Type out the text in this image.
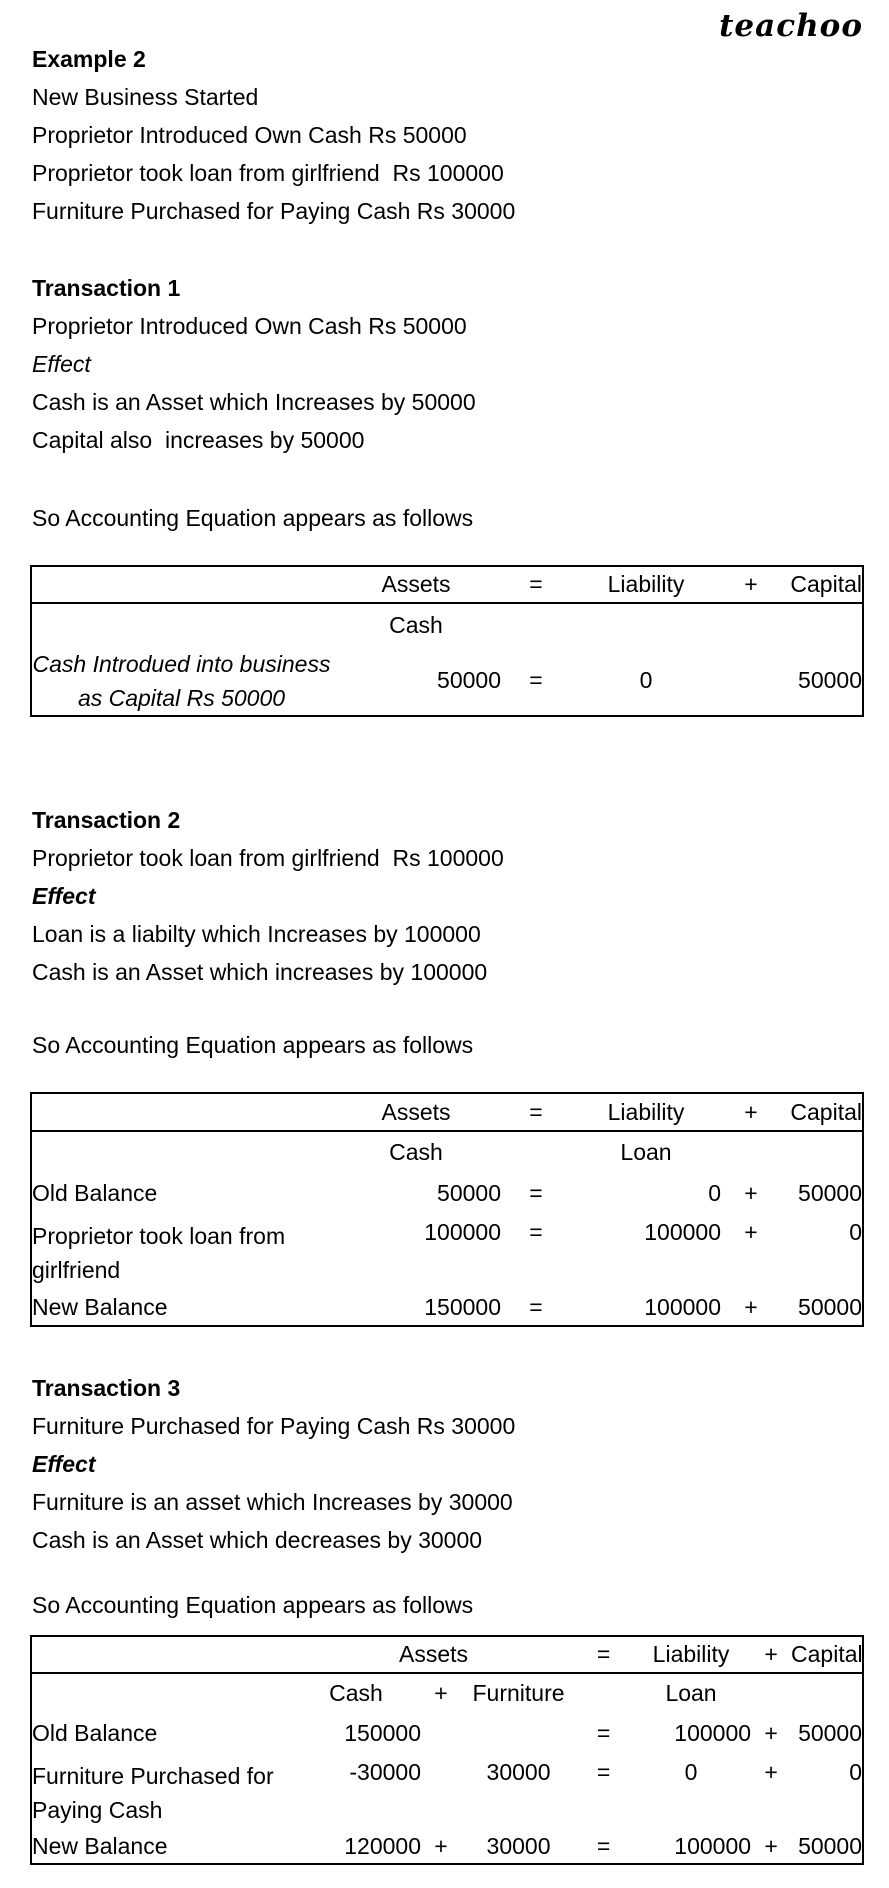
teachoo

Example 2

New Business Started

Proprietor Introduced Own Cash Rs 50000

Proprietor took loan from girlfriend  Rs 100000

Furniture Purchased for Paying Cash Rs 30000

Transaction 1

Proprietor Introduced Own Cash Rs 50000

Effect

Cash is an Asset which Increases by 50000

Capital also  increases by 50000

So Accounting Equation appears as follows

	Assets	=	Liability	+	Capital
	Cash				

Cash Introdued into business
as Capital Rs 50000	50000	=	0		50000

Transaction 2

Proprietor took loan from girlfriend  Rs 100000

Effect

Loan is a liabilty which Increases by 100000

Cash is an Asset which increases by 100000

So Accounting Equation appears as follows

	Assets	=	Liability	+	Capital
	Cash		Loan		
Old Balance	50000	=	0	+	50000
Proprietor took loan from girlfriend	100000	=	100000	+	0
New Balance	150000	=	100000	+	50000

Transaction 3

Furniture Purchased for Paying Cash Rs 30000

Effect

Furniture is an asset which Increases by 30000

Cash is an Asset which decreases by 30000

So Accounting Equation appears as follows

	Assets			=	Liability	+	Capital
	Cash	+	Furniture		Loan		
Old Balance	150000			=	100000	+	50000
Furniture Purchased for Paying Cash	-30000		30000	=	0	+	0
New Balance	120000	+	30000	=	100000	+	50000
